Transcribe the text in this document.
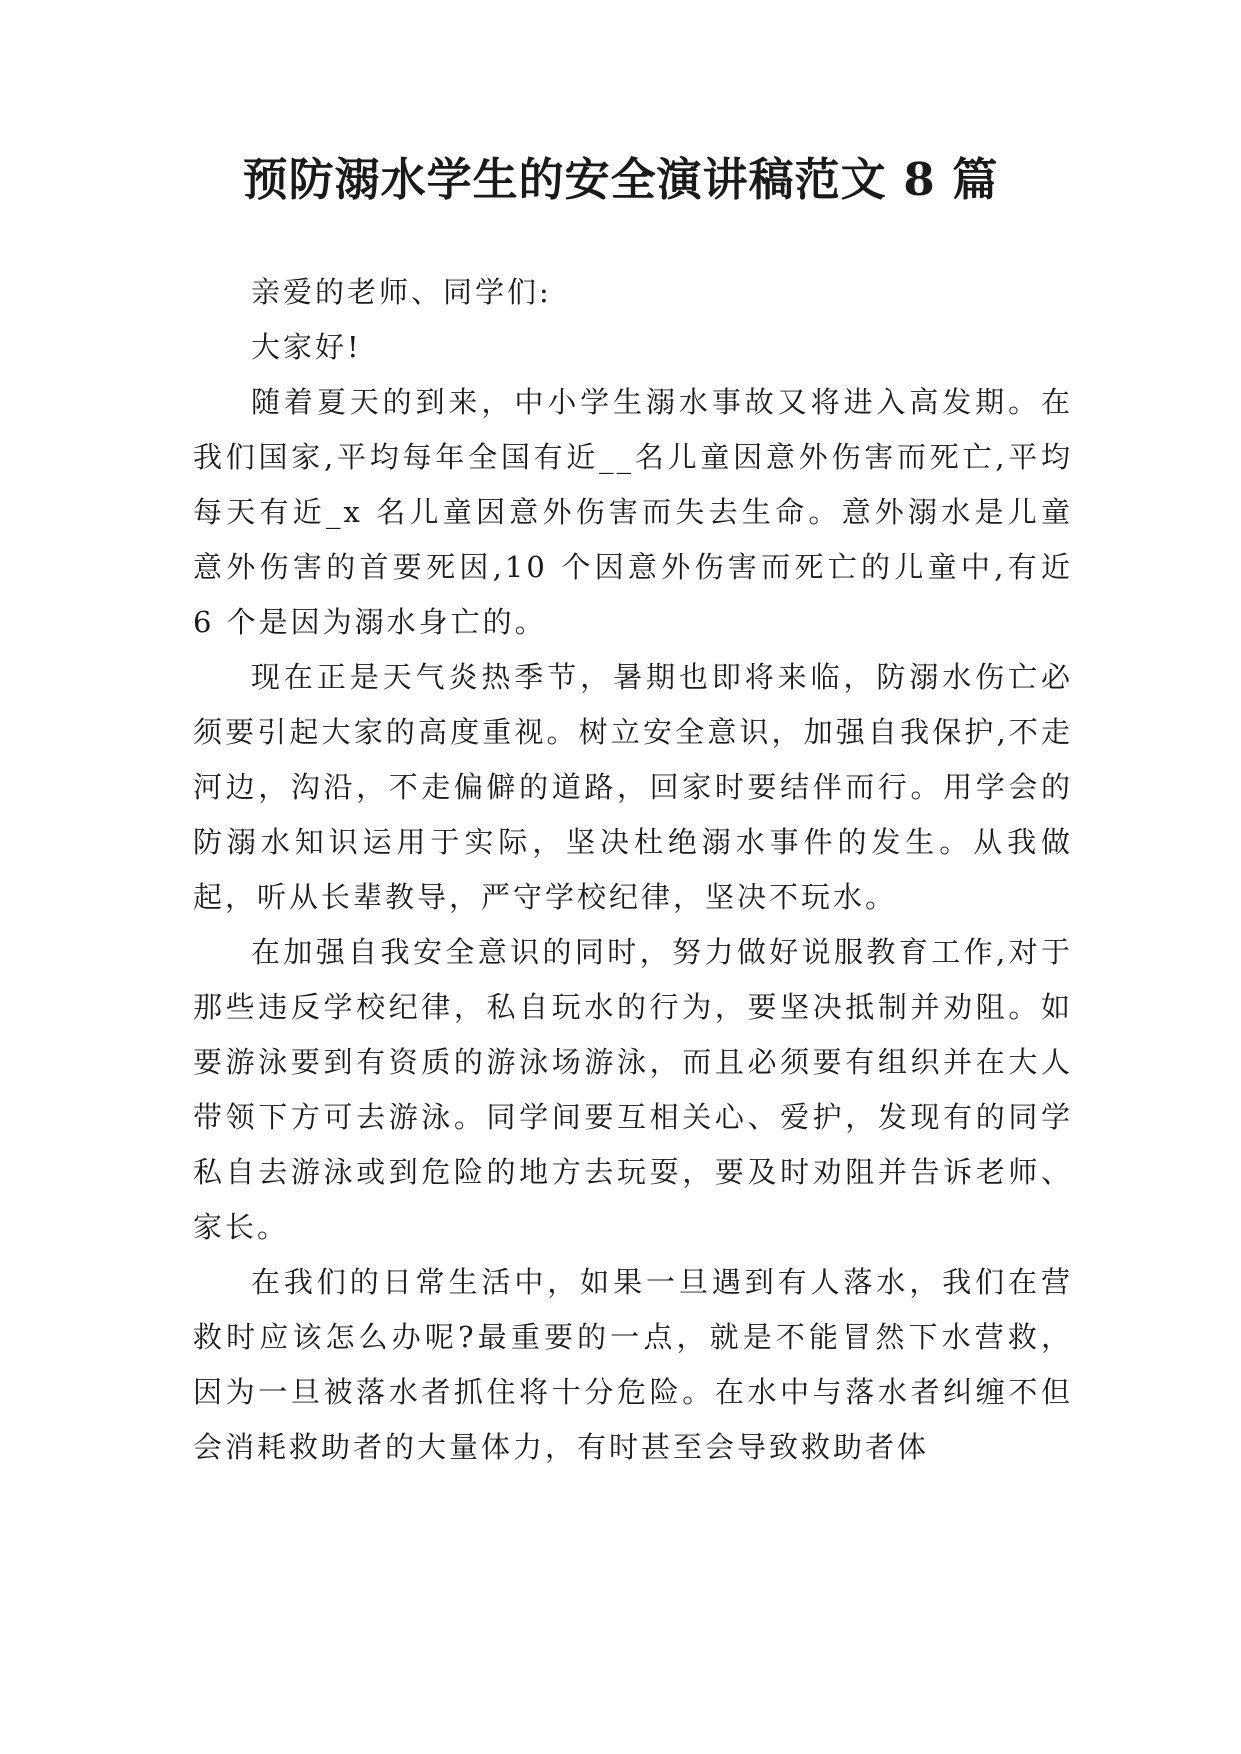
预防溺水学生的安全演讲稿范文 8 篇

亲爱的老师、同学们:

大家好!

随着夏天的到来，中小学生溺水事故又将进入高发期。在我们国家,平均每年全国有近__名儿童因意外伤害而死亡,平均每天有近_x 名儿童因意外伤害而失去生命。意外溺水是儿童意外伤害的首要死因,10 个因意外伤害而死亡的儿童中,有近 6 个是因为溺水身亡的。

现在正是天气炎热季节，暑期也即将来临，防溺水伤亡必须要引起大家的高度重视。树立安全意识，加强自我保护,不走河边，沟沿，不走偏僻的道路，回家时要结伴而行。用学会的防溺水知识运用于实际，坚决杜绝溺水事件的发生。从我做起，听从长辈教导，严守学校纪律，坚决不玩水。

在加强自我安全意识的同时，努力做好说服教育工作,对于那些违反学校纪律，私自玩水的行为，要坚决抵制并劝阻。如要游泳要到有资质的游泳场游泳，而且必须要有组织并在大人带领下方可去游泳。同学间要互相关心、爱护，发现有的同学私自去游泳或到危险的地方去玩耍，要及时劝阻并告诉老师、家长。

在我们的日常生活中，如果一旦遇到有人落水，我们在营救时应该怎么办呢?最重要的一点，就是不能冒然下水营救，因为一旦被落水者抓住将十分危险。在水中与落水者纠缠不但会消耗救助者的大量体力，有时甚至会导致救助者体
